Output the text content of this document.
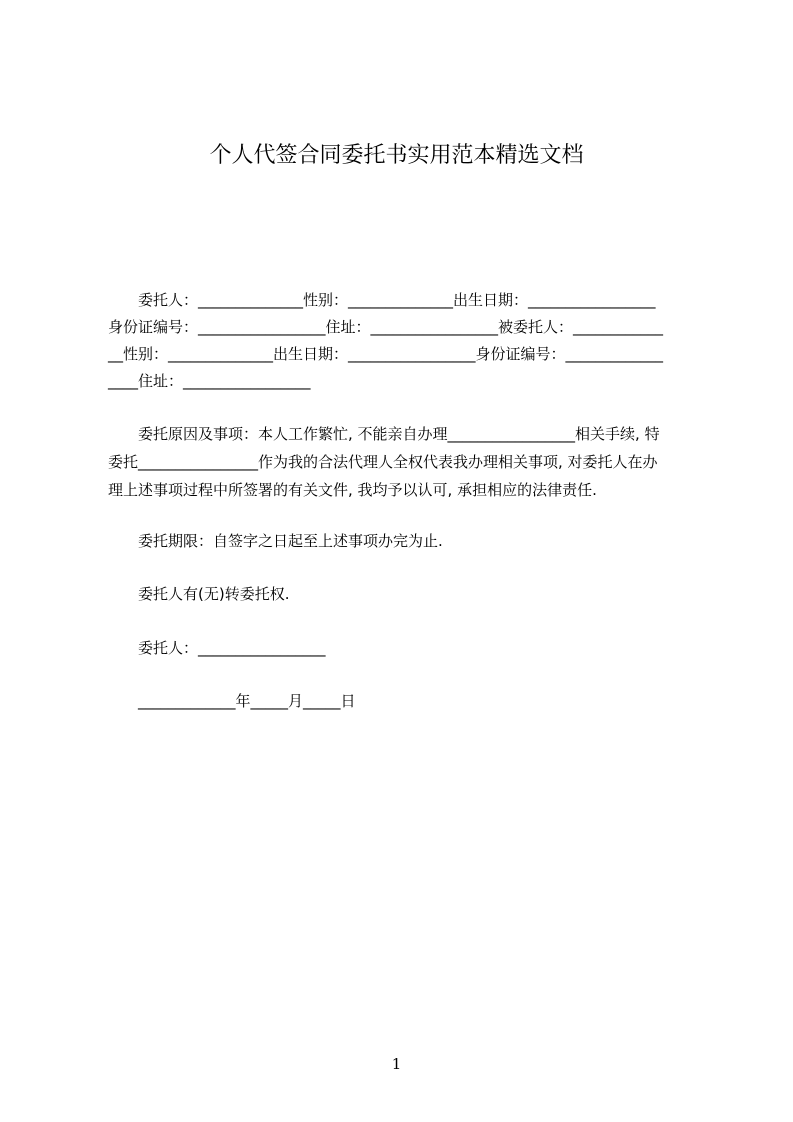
个人代签合同委托书实用范本精选文档
委托人：______________性别：______________出生日期：_________________
身份证编号：_________________住址：_________________被委托人：____________
__性别：______________出生日期：_________________身份证编号：_____________
____住址：_________________
委托原因及事项：本人工作繁忙, 不能亲自办理_________________相关手续, 特
委托________________作为我的合法代理人全权代表我办理相关事项, 对委托人在办
理上述事项过程中所签署的有关文件, 我均予以认可, 承担相应的法律责任.
委托期限：自签字之日起至上述事项办完为止.
委托人有(无)转委托权.
委托人：_________________
_____________年_____月_____日
1
